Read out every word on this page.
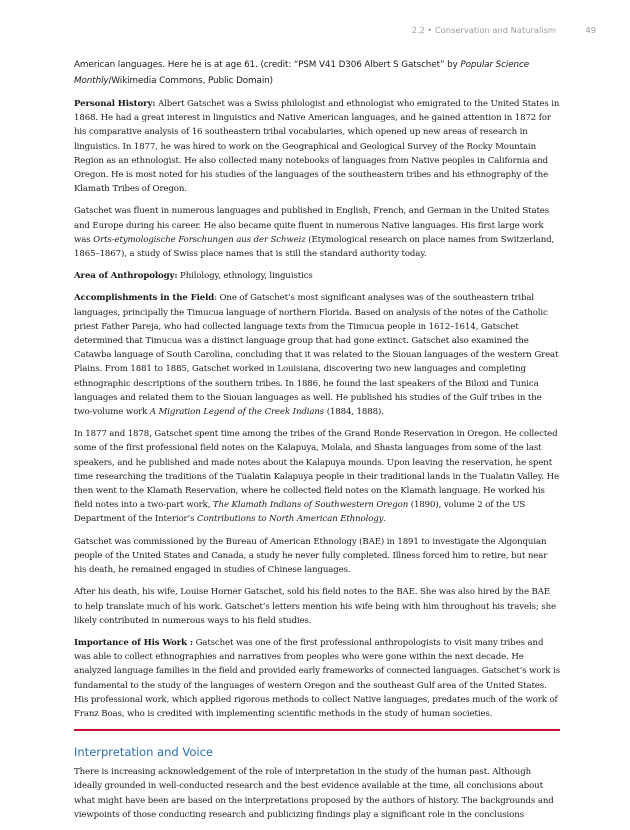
2.2 • Conservation and Naturalism	49
American languages. Here he is at age 61. (credit: “PSM V41 D306 Albert S Gatschet” by Popular Science Monthly/Wikimedia Commons, Public Domain)

Personal History: Albert Gatschet was a Swiss philologist and ethnologist who emigrated to the United States in 1868. He had a great interest in linguistics and Native American languages, and he gained attention in 1872 for his comparative analysis of 16 southeastern tribal vocabularies, which opened up new areas of research in linguistics. In 1877, he was hired to work on the Geographical and Geological Survey of the Rocky Mountain Region as an ethnologist. He also collected many notebooks of languages from Native peoples in California and Oregon. He is most noted for his studies of the languages of the southeastern tribes and his ethnography of the Klamath Tribes of Oregon.

Gatschet was fluent in numerous languages and published in English, French, and German in the United States and Europe during his career. He also became quite fluent in numerous Native languages. His first large work was Orts-etymologische Forschungen aus der Schweiz (Etymological research on place names from Switzerland, 1865–1867), a study of Swiss place names that is still the standard authority today.

Area of Anthropology: Philology, ethnology, linguistics

Accomplishments in the Field: One of Gatschet’s most significant analyses was of the southeastern tribal languages, principally the Timucua language of northern Florida. Based on analysis of the notes of the Catholic priest Father Pareja, who had collected language texts from the Timucua people in 1612–1614, Gatschet determined that Timucua was a distinct language group that had gone extinct. Gatschet also examined the Catawba language of South Carolina, concluding that it was related to the Siouan languages of the western Great Plains. From 1881 to 1885, Gatschet worked in Louisiana, discovering two new languages and completing ethnographic descriptions of the southern tribes. In 1886, he found the last speakers of the Biloxi and Tunica languages and related them to the Siouan languages as well. He published his studies of the Gulf tribes in the two-volume work A Migration Legend of the Creek Indians (1884, 1888).

In 1877 and 1878, Gatschet spent time among the tribes of the Grand Ronde Reservation in Oregon. He collected some of the first professional field notes on the Kalapuya, Molala, and Shasta languages from some of the last speakers, and he published and made notes about the Kalapuya mounds. Upon leaving the reservation, he spent time researching the traditions of the Tualatin Kalapuya people in their traditional lands in the Tualatin Valley. He then went to the Klamath Reservation, where he collected field notes on the Klamath language. He worked his field notes into a two-part work, The Klamath Indians of Southwestern Oregon (1890), volume 2 of the US Department of the Interior’s Contributions to North American Ethnology.

Gatschet was commissioned by the Bureau of American Ethnology (BAE) in 1891 to investigate the Algonquian people of the United States and Canada, a study he never fully completed. Illness forced him to retire, but near his death, he remained engaged in studies of Chinese languages.

After his death, his wife, Louise Horner Gatschet, sold his field notes to the BAE. She was also hired by the BAE to help translate much of his work. Gatschet’s letters mention his wife being with him throughout his travels; she likely contributed in numerous ways to his field studies.

Importance of His Work : Gatschet was one of the first professional anthropologists to visit many tribes and was able to collect ethnographies and narratives from peoples who were gone within the next decade. He analyzed language families in the field and provided early frameworks of connected languages. Gatschet’s work is fundamental to the study of the languages of western Oregon and the southeast Gulf area of the United States. His professional work, which applied rigorous methods to collect Native languages, predates much of the work of Franz Boas, who is credited with implementing scientific methods in the study of human societies.

Interpretation and Voice

There is increasing acknowledgement of the role of interpretation in the study of the human past. Although ideally grounded in well-conducted research and the best evidence available at the time, all conclusions about what might have been are based on the interpretations proposed by the authors of history. The backgrounds and viewpoints of those conducting research and publicizing findings play a significant role in the conclusions
